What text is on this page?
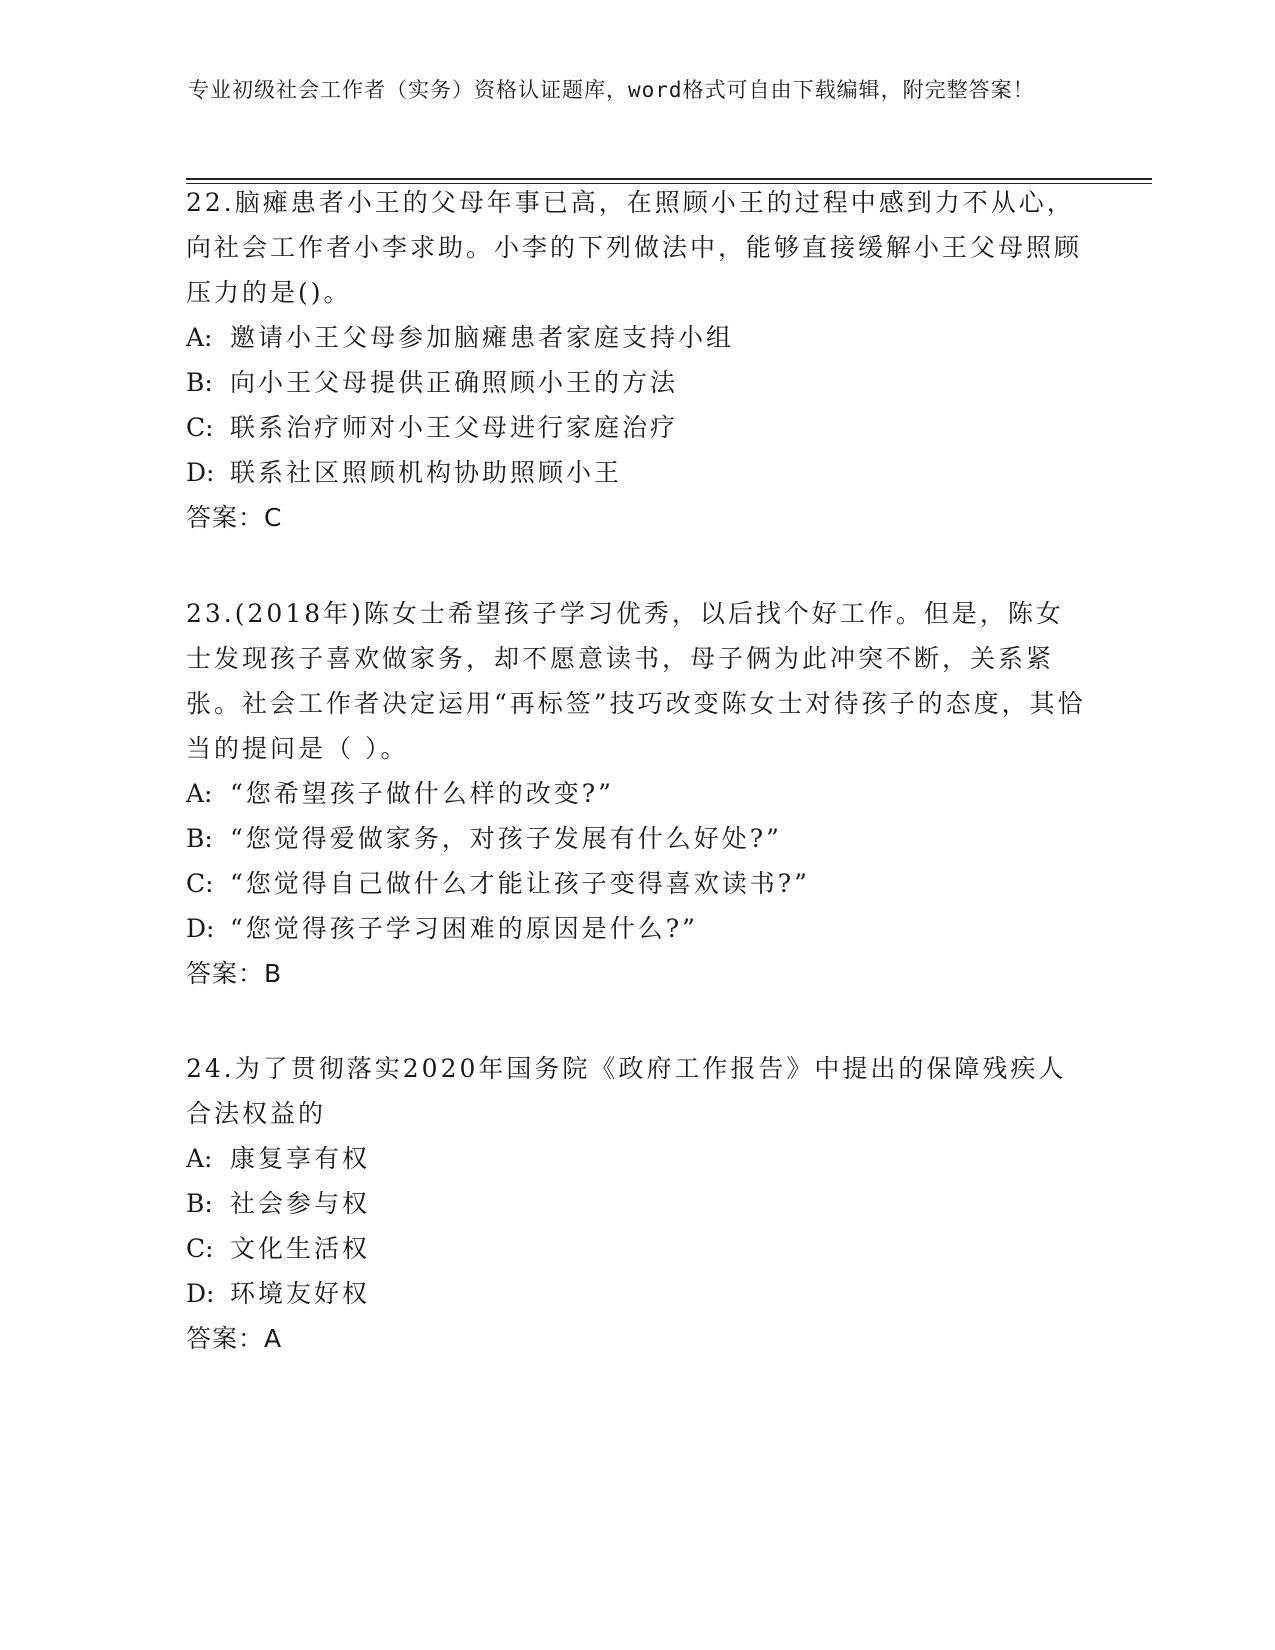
专业初级社会工作者（实务）资格认证题库，word格式可自由下载编辑，附完整答案！

22.脑瘫患者小王的父母年事已高，在照顾小王的过程中感到力不从心，向社会工作者小李求助。小李的下列做法中，能够直接缓解小王父母照顾压力的是()。

A: 邀请小王父母参加脑瘫患者家庭支持小组

B: 向小王父母提供正确照顾小王的方法

C: 联系治疗师对小王父母进行家庭治疗

D: 联系社区照顾机构协助照顾小王

答案：C

23.(2018年)陈女士希望孩子学习优秀，以后找个好工作。但是，陈女士发现孩子喜欢做家务，却不愿意读书，母子俩为此冲突不断，关系紧张。社会工作者决定运用“再标签”技巧改变陈女士对待孩子的态度，其恰当的提问是（ ）。

A: “您希望孩子做什么样的改变?”

B: “您觉得爱做家务，对孩子发展有什么好处?”

C: “您觉得自己做什么才能让孩子变得喜欢读书?”

D: “您觉得孩子学习困难的原因是什么?”

答案：B

24.为了贯彻落实2020年国务院《政府工作报告》中提出的保障残疾人合法权益的

A: 康复享有权

B: 社会参与权

C: 文化生活权

D: 环境友好权

答案：A
